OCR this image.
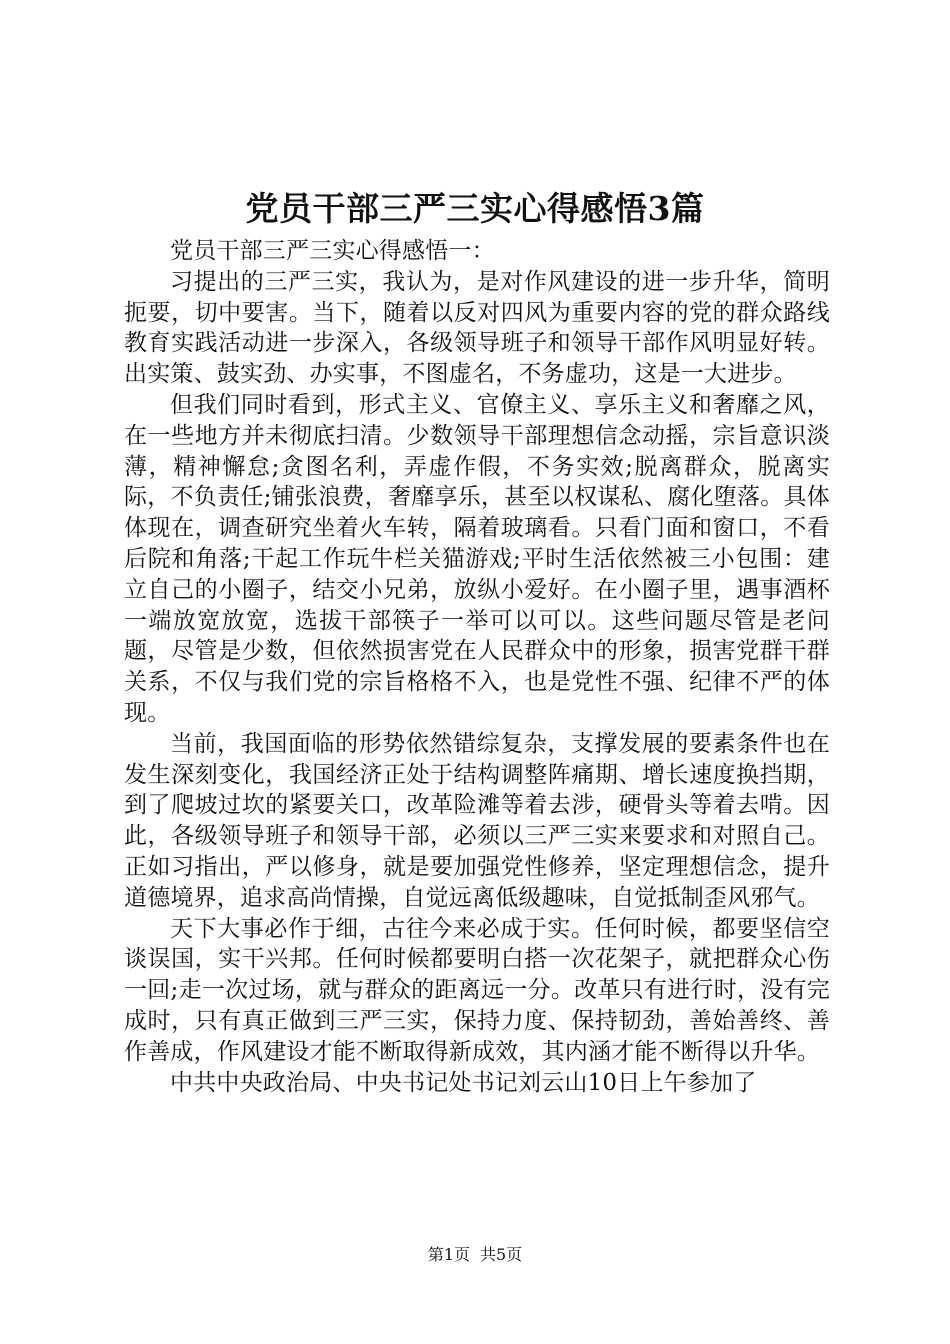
党员干部三严三实心得感悟3篇

党员干部三严三实心得感悟一：

习提出的三严三实，我认为，是对作风建设的进一步升华，简明扼要，切中要害。当下，随着以反对四风为重要内容的党的群众路线教育实践活动进一步深入，各级领导班子和领导干部作风明显好转。出实策、鼓实劲、办实事，不图虚名，不务虚功，这是一大进步。

但我们同时看到，形式主义、官僚主义、享乐主义和奢靡之风，在一些地方并未彻底扫清。少数领导干部理想信念动摇，宗旨意识淡薄，精神懈怠;贪图名利，弄虚作假，不务实效;脱离群众，脱离实际，不负责任;铺张浪费，奢靡享乐，甚至以权谋私、腐化堕落。具体体现在，调查研究坐着火车转，隔着玻璃看。只看门面和窗口，不看后院和角落;干起工作玩牛栏关猫游戏;平时生活依然被三小包围：建立自己的小圈子，结交小兄弟，放纵小爱好。在小圈子里，遇事酒杯一端放宽放宽，选拔干部筷子一举可以可以。这些问题尽管是老问题，尽管是少数，但依然损害党在人民群众中的形象，损害党群干群关系，不仅与我们党的宗旨格格不入，也是党性不强、纪律不严的体现。

当前，我国面临的形势依然错综复杂，支撑发展的要素条件也在发生深刻变化，我国经济正处于结构调整阵痛期、增长速度换挡期，到了爬坡过坎的紧要关口，改革险滩等着去涉，硬骨头等着去啃。因此，各级领导班子和领导干部，必须以三严三实来要求和对照自己。正如习指出，严以修身，就是要加强党性修养，坚定理想信念，提升道德境界，追求高尚情操，自觉远离低级趣味，自觉抵制歪风邪气。

天下大事必作于细，古往今来必成于实。任何时候，都要坚信空谈误国，实干兴邦。任何时候都要明白搭一次花架子，就把群众心伤一回;走一次过场，就与群众的距离远一分。改革只有进行时，没有完成时，只有真正做到三严三实，保持力度、保持韧劲，善始善终、善作善成，作风建设才能不断取得新成效，其内涵才能不断得以升华。

中共中央政治局、中央书记处书记刘云山10日上午参加了

第1页 共5页
